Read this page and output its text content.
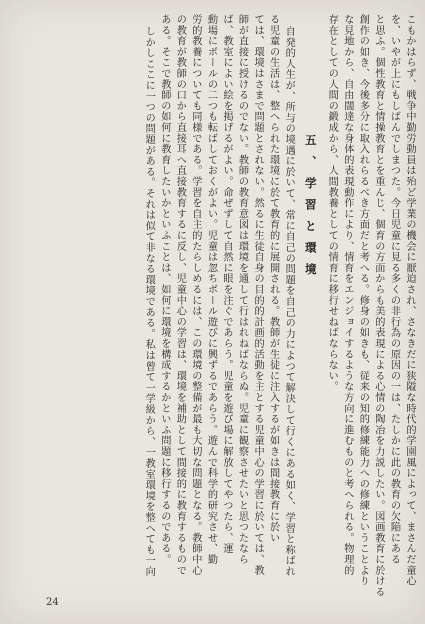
こもかはらず、戦争中勤労動員は殆ど学業の機会に厭迫され、さなきだに狭隘な時代的学園風によって、まさんだ童心
を、いやが上にもしばんでしまつた。今日児童に見る多くの非行為の原因の一は、たしかに此の教育の欠陥にある
と思ふ。個性教育と情操教育とを重んじ、個育の方面からも美的表現による心情の陶冶を力説したい。図画教育に於ける
創作の如き、今後多分に取入れらるべき方面だと考へる。修身の如きも、従来の知的修練能力への修練ということより
な見地から、自由闊達な身体的表現動作により、情育をエンジョイするような方向に進むものと考へられる。物理的
存在としての人間の鍛成から、人間教養としての情育に移行せねばならない。
五、学習と環境
自発的人生が、所与の境遇に於いて、常に自己の問題を自己の力によつて解決して行くにある如く、学習と称ばれ
る児童の生活は、整へられた環境に於て教育的に展開される。教師が生徒に注入するが如きは間接教育に於い
ては、環境はさまで問題とされない。然るに生徒自身の目的的計画的活動を主とする児童中心の学習に於いては、教
師が直接に授けるのでない。教師の教育意図は環境を通して行はれねばならぬ。児童に観察させたいと思つたなら
ば、教室によい絵を掲げるがよい。命ぜずして自然に眼を注ぐであらう。児童を遊び場に解放してやつたら、運
動場にボールの二つも転ばしておくがよい。児童は忽ちボール遊びに興ずるであらう。遊んで科学的研究させ、勤
労的教養についても同様である。学習を自主的たらしめるには、この環境の整備が最も大切な問題となる。教師中心
の教育が教師の口から直接耳へ直接教育するに反し、児童中心の学習は、環境を補助として間接的に教育するもので
ある。そこで教師の如何に教育したいかといふことは、如何に環境を構成するかといふ問題に移行するのである。
しかしここに一つの問題がある。それは似て非なる環境である。私は曾て一学級から、一教室環境を整へても一向
24
